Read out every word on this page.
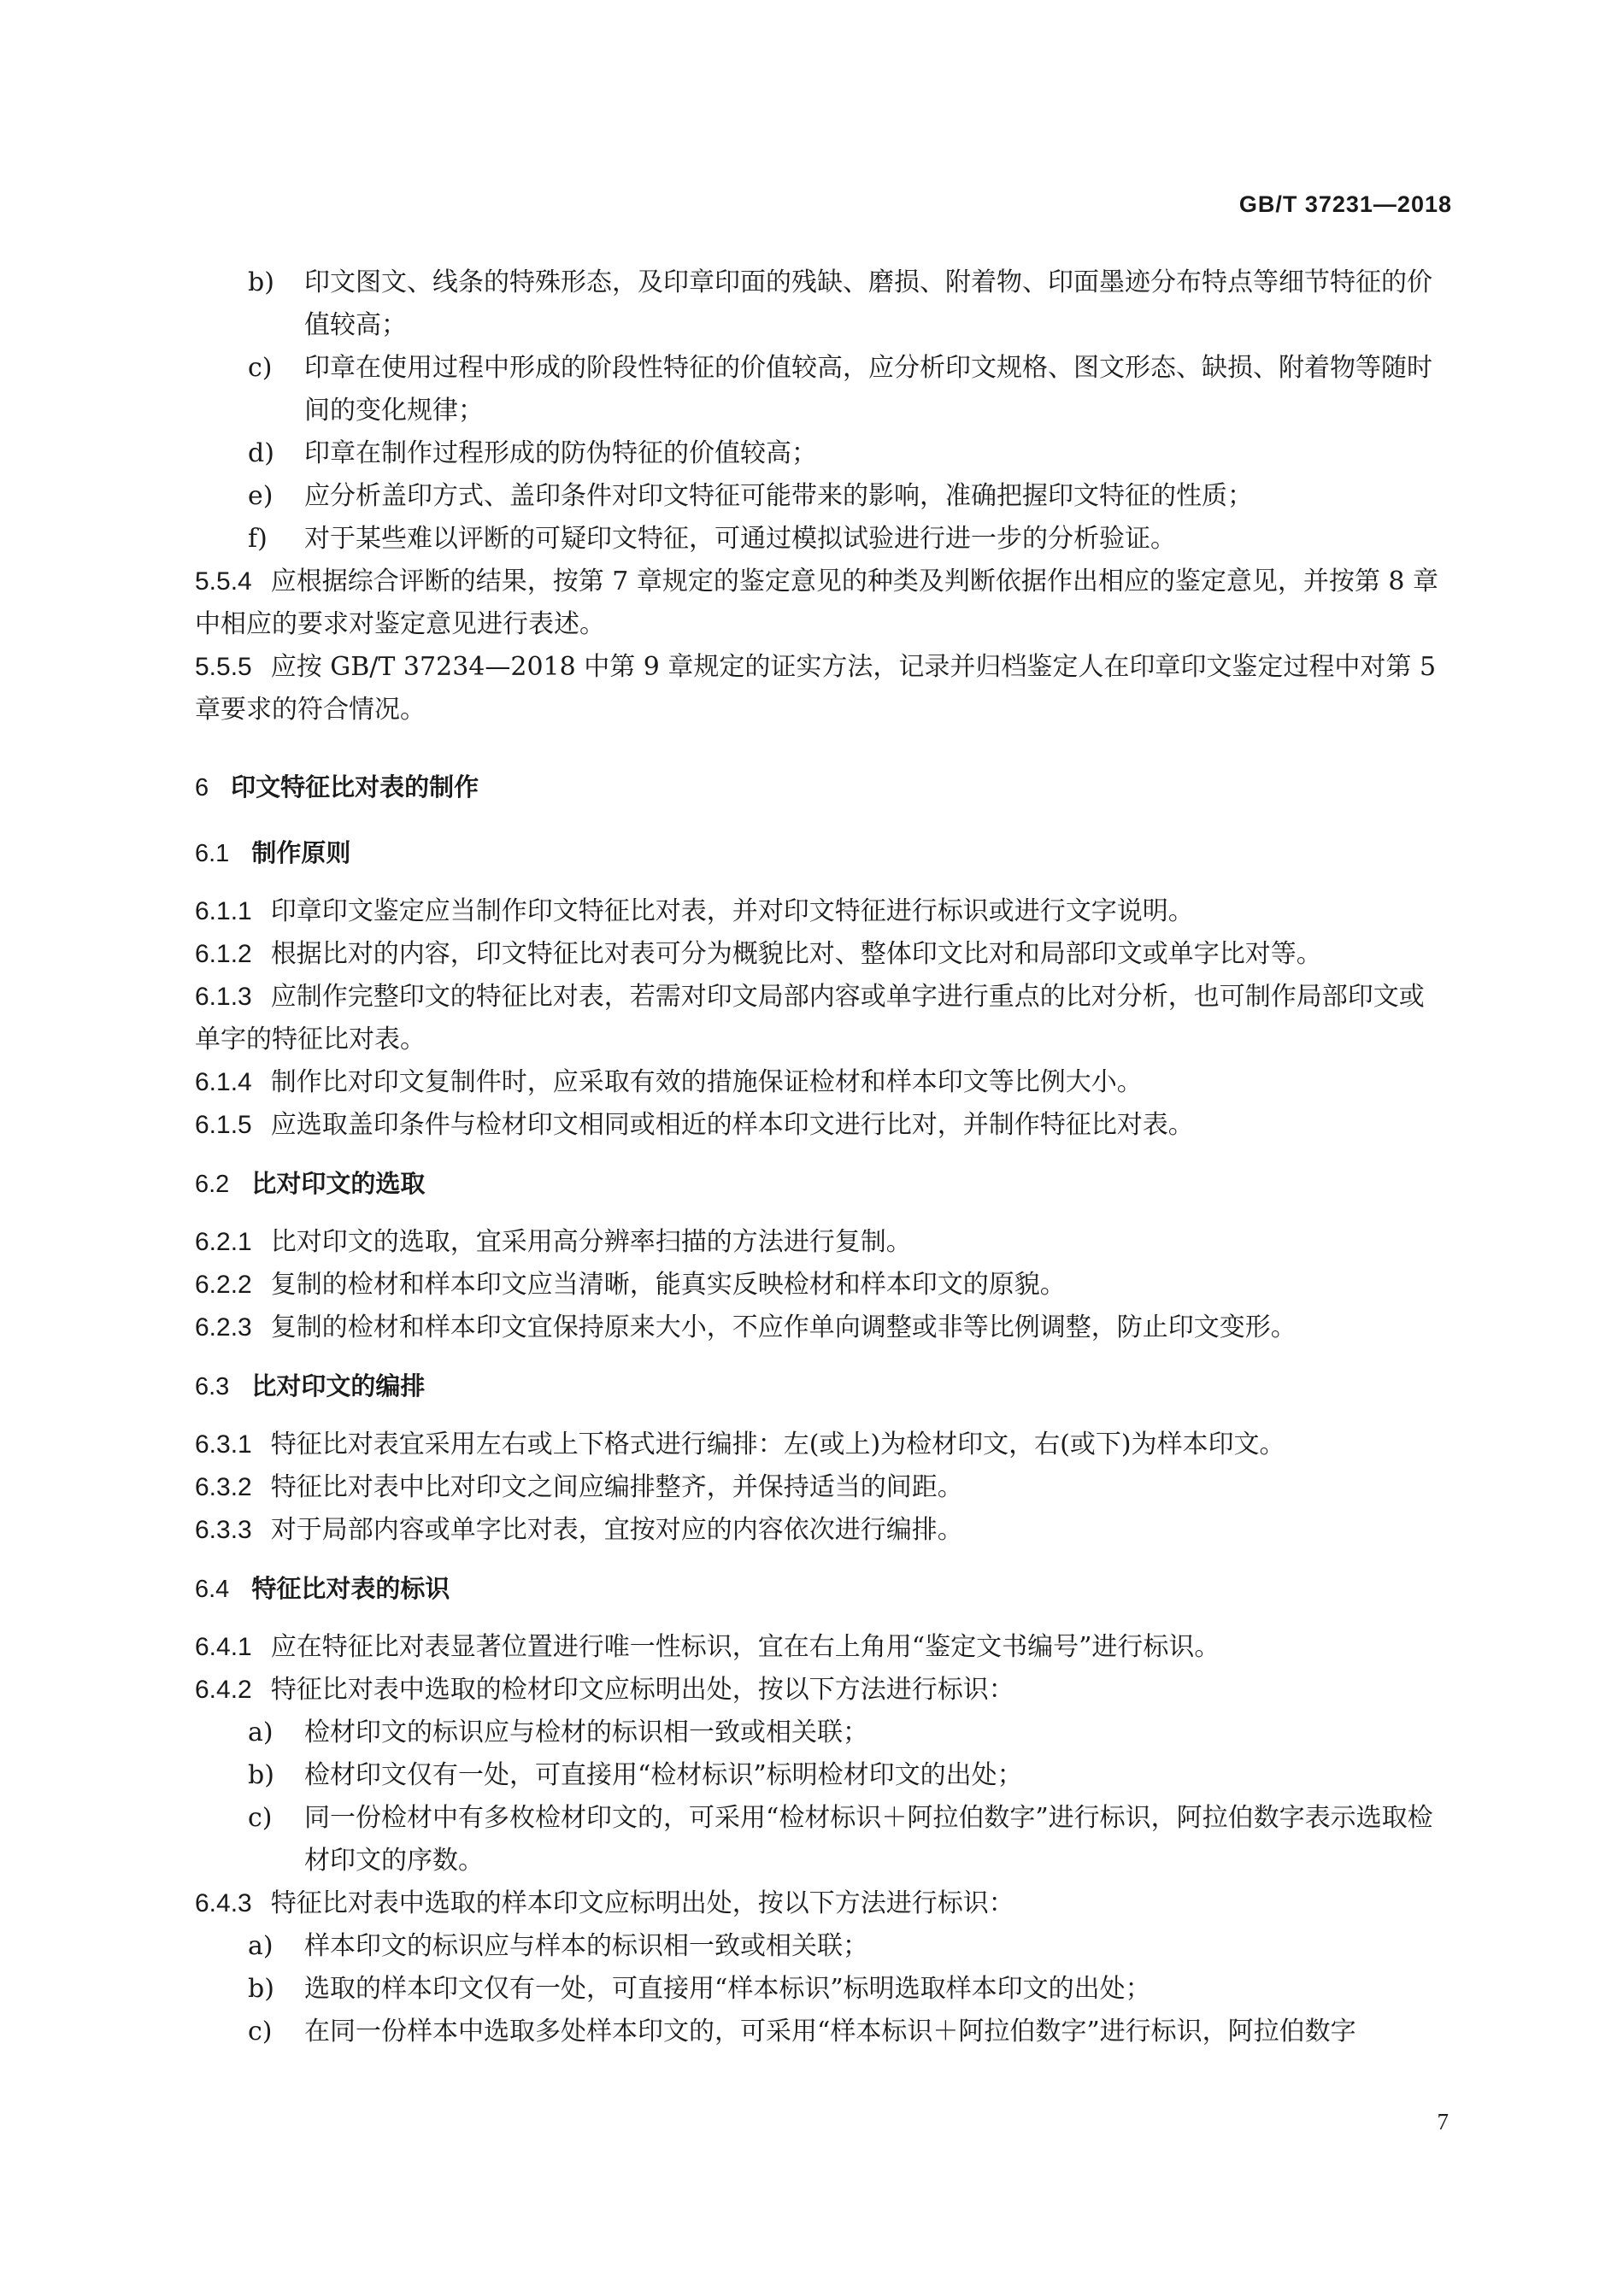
GB/T 37231—2018
b) 印文图文、线条的特殊形态，及印章印面的残缺、磨损、附着物、印面墨迹分布特点等细节特征的价值较高；
c) 印章在使用过程中形成的阶段性特征的价值较高，应分析印文规格、图文形态、缺损、附着物等随时间的变化规律；
d) 印章在制作过程形成的防伪特征的价值较高；
e) 应分析盖印方式、盖印条件对印文特征可能带来的影响，准确把握印文特征的性质；
f) 对于某些难以评断的可疑印文特征，可通过模拟试验进行进一步的分析验证。
5.5.4 应根据综合评断的结果，按第 7 章规定的鉴定意见的种类及判断依据作出相应的鉴定意见，并按第 8 章中相应的要求对鉴定意见进行表述。
5.5.5 应按 GB/T 37234—2018 中第 9 章规定的证实方法，记录并归档鉴定人在印章印文鉴定过程中对第 5 章要求的符合情况。
6 印文特征比对表的制作
6.1 制作原则
6.1.1 印章印文鉴定应当制作印文特征比对表，并对印文特征进行标识或进行文字说明。
6.1.2 根据比对的内容，印文特征比对表可分为概貌比对、整体印文比对和局部印文或单字比对等。
6.1.3 应制作完整印文的特征比对表，若需对印文局部内容或单字进行重点的比对分析，也可制作局部印文或单字的特征比对表。
6.1.4 制作比对印文复制件时，应采取有效的措施保证检材和样本印文等比例大小。
6.1.5 应选取盖印条件与检材印文相同或相近的样本印文进行比对，并制作特征比对表。
6.2 比对印文的选取
6.2.1 比对印文的选取，宜采用高分辨率扫描的方法进行复制。
6.2.2 复制的检材和样本印文应当清晰，能真实反映检材和样本印文的原貌。
6.2.3 复制的检材和样本印文宜保持原来大小，不应作单向调整或非等比例调整，防止印文变形。
6.3 比对印文的编排
6.3.1 特征比对表宜采用左右或上下格式进行编排：左(或上)为检材印文，右(或下)为样本印文。
6.3.2 特征比对表中比对印文之间应编排整齐，并保持适当的间距。
6.3.3 对于局部内容或单字比对表，宜按对应的内容依次进行编排。
6.4 特征比对表的标识
6.4.1 应在特征比对表显著位置进行唯一性标识，宜在右上角用“鉴定文书编号”进行标识。
6.4.2 特征比对表中选取的检材印文应标明出处，按以下方法进行标识：
a) 检材印文的标识应与检材的标识相一致或相关联；
b) 检材印文仅有一处，可直接用“检材标识”标明检材印文的出处；
c) 同一份检材中有多枚检材印文的，可采用“检材标识＋阿拉伯数字”进行标识，阿拉伯数字表示选取检材印文的序数。
6.4.3 特征比对表中选取的样本印文应标明出处，按以下方法进行标识：
a) 样本印文的标识应与样本的标识相一致或相关联；
b) 选取的样本印文仅有一处，可直接用“样本标识”标明选取样本印文的出处；
c) 在同一份样本中选取多处样本印文的，可采用“样本标识＋阿拉伯数字”进行标识，阿拉伯数字
7
